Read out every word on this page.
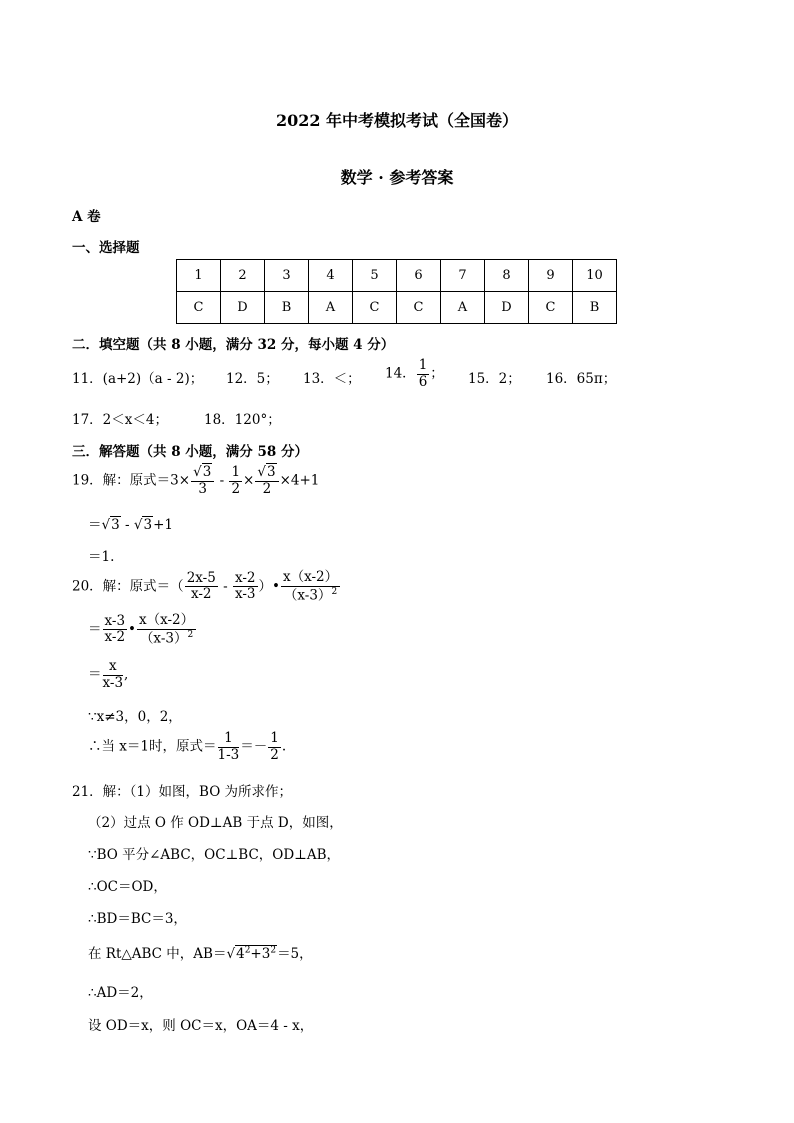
2022 年中考模拟考试（全国卷）
数学 · 参考答案
A 卷
一、选择题
1	2	3	4	5	6	7	8	9	10
C	D	B	A	C	C	A	D	C	B
二．填空题（共 8 小题，满分 32 分，每小题 4 分）
11．(a+2)（a - 2)； 12．5； 13．＜； 14． $\frac{1}{6}$ ； 15．2； 16．65π；
17．2＜x＜4；	18．120°；
三．解答题（共 8 小题，满分 58 分）
19．解：原式$=3\times \frac{√3}{3} - \frac{1}{2} \times \frac{√3}{2} \times 4+1$
＝√3 - √3+1
＝1.
20．解：原式＝（ $\frac{2x-5}{x-2} - \frac{x-2}{x-3}$ ）• $\frac{x(x-2)}{(x-3)^2}$
＝ $\frac{x-3}{x-2}$ • $\frac{x(x-2)}{(x-3)^2}$
＝ $\frac{x}{x-3}$ ,
∵x≠3，0，2，
∴当 x＝1时，原式＝ $\frac{1}{1-3} =- \frac{1}{2}$ .
21．解：（1）如图，BO 为所求作；
（2）过点 O 作 OD⊥AB 于点 D，如图，
∵BO 平分∠ABC，OC⊥BC，OD⊥AB，
∴OC＝OD，
∴BD＝BC＝3，
在 Rt△ABC 中，$AB=√4^2+3^2=5$，
∴AD＝2，
设 OD＝x，则 OC＝x，OA＝4 - x，
